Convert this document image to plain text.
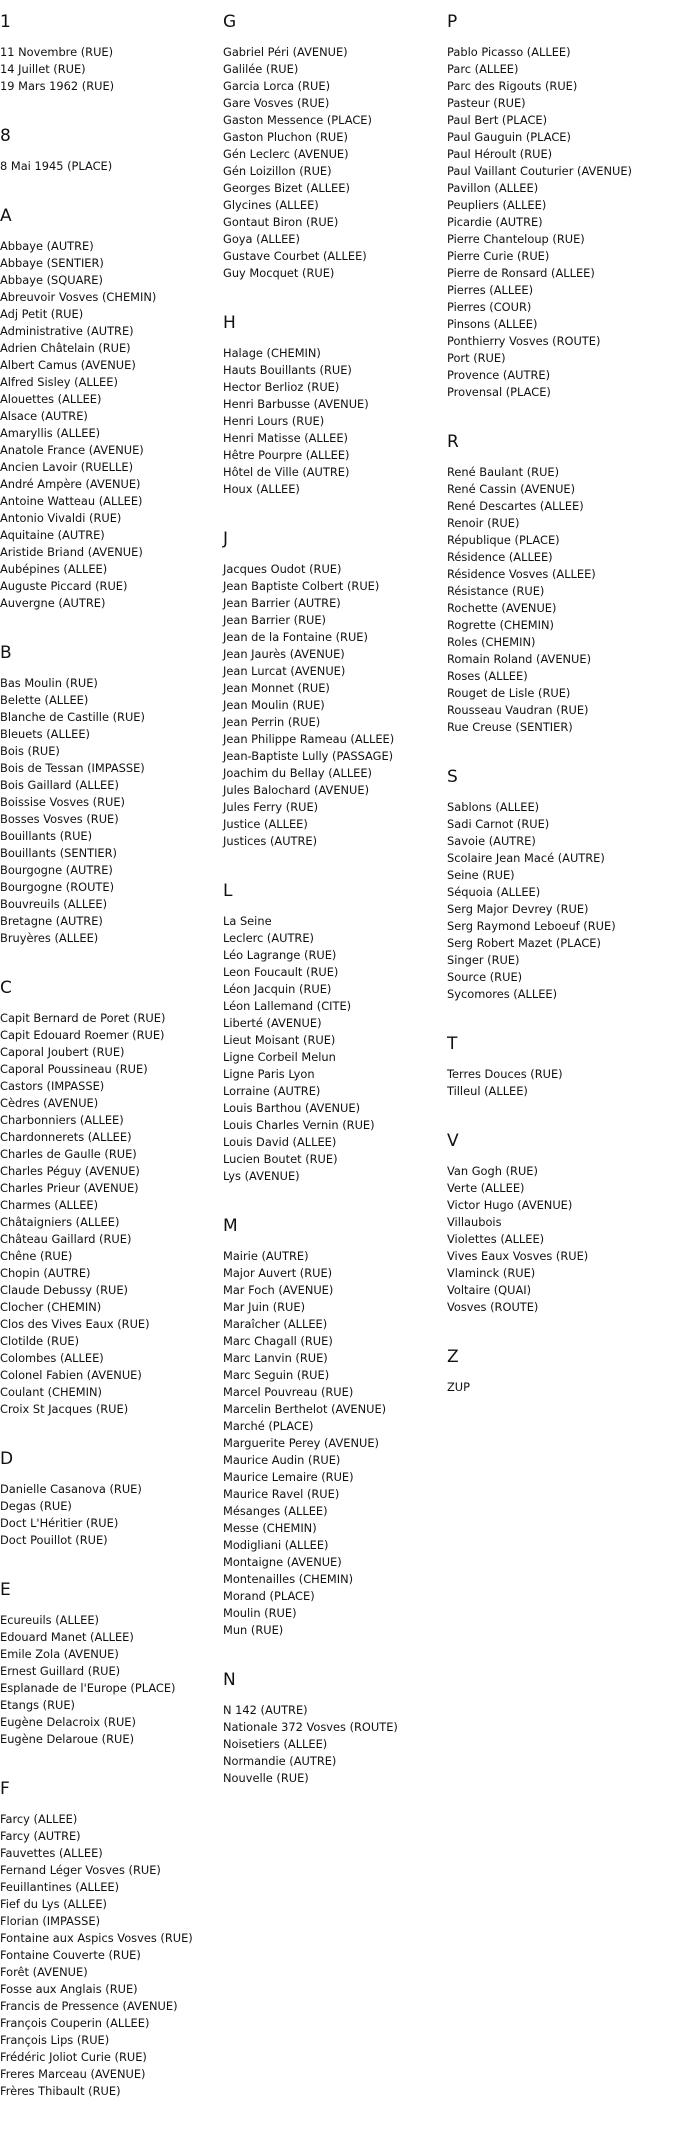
1
11 Novembre (RUE)
14 Juillet (RUE)
19 Mars 1962 (RUE)
8
8 Mai 1945 (PLACE)
A
Abbaye (AUTRE)
Abbaye (SENTIER)
Abbaye (SQUARE)
Abreuvoir Vosves (CHEMIN)
Adj Petit (RUE)
Administrative (AUTRE)
Adrien Châtelain (RUE)
Albert Camus (AVENUE)
Alfred Sisley (ALLEE)
Alouettes (ALLEE)
Alsace (AUTRE)
Amaryllis (ALLEE)
Anatole France (AVENUE)
Ancien Lavoir (RUELLE)
André Ampère (AVENUE)
Antoine Watteau (ALLEE)
Antonio Vivaldi (RUE)
Aquitaine (AUTRE)
Aristide Briand (AVENUE)
Aubépines (ALLEE)
Auguste Piccard (RUE)
Auvergne (AUTRE)
B
Bas Moulin (RUE)
Belette (ALLEE)
Blanche de Castille (RUE)
Bleuets (ALLEE)
Bois (RUE)
Bois de Tessan (IMPASSE)
Bois Gaillard (ALLEE)
Boissise Vosves (RUE)
Bosses Vosves (RUE)
Bouillants (RUE)
Bouillants (SENTIER)
Bourgogne (AUTRE)
Bourgogne (ROUTE)
Bouvreuils (ALLEE)
Bretagne (AUTRE)
Bruyères (ALLEE)
C
Capit Bernard de Poret (RUE)
Capit Edouard Roemer (RUE)
Caporal Joubert (RUE)
Caporal Poussineau (RUE)
Castors (IMPASSE)
Cèdres (AVENUE)
Charbonniers (ALLEE)
Chardonnerets (ALLEE)
Charles de Gaulle (RUE)
Charles Péguy (AVENUE)
Charles Prieur (AVENUE)
Charmes (ALLEE)
Châtaigniers (ALLEE)
Château Gaillard (RUE)
Chêne (RUE)
Chopin (AUTRE)
Claude Debussy (RUE)
Clocher (CHEMIN)
Clos des Vives Eaux (RUE)
Clotilde (RUE)
Colombes (ALLEE)
Colonel Fabien (AVENUE)
Coulant (CHEMIN)
Croix St Jacques (RUE)
D
Danielle Casanova (RUE)
Degas (RUE)
Doct L'Héritier (RUE)
Doct Pouillot (RUE)
E
Ecureuils (ALLEE)
Edouard Manet (ALLEE)
Emile Zola (AVENUE)
Ernest Guillard (RUE)
Esplanade de l'Europe (PLACE)
Etangs (RUE)
Eugène Delacroix (RUE)
Eugène Delaroue (RUE)
F
Farcy (ALLEE)
Farcy (AUTRE)
Fauvettes (ALLEE)
Fernand Léger Vosves (RUE)
Feuillantines (ALLEE)
Fief du Lys (ALLEE)
Florian (IMPASSE)
Fontaine aux Aspics Vosves (RUE)
Fontaine Couverte (RUE)
Forêt (AVENUE)
Fosse aux Anglais (RUE)
Francis de Pressence (AVENUE)
François Couperin (ALLEE)
François Lips (RUE)
Frédéric Joliot Curie (RUE)
Freres Marceau (AVENUE)
Frères Thibault (RUE)
G
Gabriel Péri (AVENUE)
Galilée (RUE)
Garcia Lorca (RUE)
Gare Vosves (RUE)
Gaston Messence (PLACE)
Gaston Pluchon (RUE)
Gén Leclerc (AVENUE)
Gén Loizillon (RUE)
Georges Bizet (ALLEE)
Glycines (ALLEE)
Gontaut Biron (RUE)
Goya (ALLEE)
Gustave Courbet (ALLEE)
Guy Mocquet (RUE)
H
Halage (CHEMIN)
Hauts Bouillants (RUE)
Hector Berlioz (RUE)
Henri Barbusse (AVENUE)
Henri Lours (RUE)
Henri Matisse (ALLEE)
Hêtre Pourpre (ALLEE)
Hôtel de Ville (AUTRE)
Houx (ALLEE)
J
Jacques Oudot (RUE)
Jean Baptiste Colbert (RUE)
Jean Barrier (AUTRE)
Jean Barrier (RUE)
Jean de la Fontaine (RUE)
Jean Jaurès (AVENUE)
Jean Lurcat (AVENUE)
Jean Monnet (RUE)
Jean Moulin (RUE)
Jean Perrin (RUE)
Jean Philippe Rameau (ALLEE)
Jean-Baptiste Lully (PASSAGE)
Joachim du Bellay (ALLEE)
Jules Balochard (AVENUE)
Jules Ferry (RUE)
Justice (ALLEE)
Justices (AUTRE)
L
La Seine
Leclerc (AUTRE)
Léo Lagrange (RUE)
Leon Foucault (RUE)
Léon Jacquin (RUE)
Léon Lallemand (CITE)
Liberté (AVENUE)
Lieut Moisant (RUE)
Ligne Corbeil Melun
Ligne Paris Lyon
Lorraine (AUTRE)
Louis Barthou (AVENUE)
Louis Charles Vernin (RUE)
Louis David (ALLEE)
Lucien Boutet (RUE)
Lys (AVENUE)
M
Mairie (AUTRE)
Major Auvert (RUE)
Mar Foch (AVENUE)
Mar Juin (RUE)
Maraîcher (ALLEE)
Marc Chagall (RUE)
Marc Lanvin (RUE)
Marc Seguin (RUE)
Marcel Pouvreau (RUE)
Marcelin Berthelot (AVENUE)
Marché (PLACE)
Marguerite Perey (AVENUE)
Maurice Audin (RUE)
Maurice Lemaire (RUE)
Maurice Ravel (RUE)
Mésanges (ALLEE)
Messe (CHEMIN)
Modigliani (ALLEE)
Montaigne (AVENUE)
Montenailles (CHEMIN)
Morand (PLACE)
Moulin (RUE)
Mun (RUE)
N
N 142 (AUTRE)
Nationale 372 Vosves (ROUTE)
Noisetiers (ALLEE)
Normandie (AUTRE)
Nouvelle (RUE)
P
Pablo Picasso (ALLEE)
Parc (ALLEE)
Parc des Rigouts (RUE)
Pasteur (RUE)
Paul Bert (PLACE)
Paul Gauguin (PLACE)
Paul Héroult (RUE)
Paul Vaillant Couturier (AVENUE)
Pavillon (ALLEE)
Peupliers (ALLEE)
Picardie (AUTRE)
Pierre Chanteloup (RUE)
Pierre Curie (RUE)
Pierre de Ronsard (ALLEE)
Pierres (ALLEE)
Pierres (COUR)
Pinsons (ALLEE)
Ponthierry Vosves (ROUTE)
Port (RUE)
Provence (AUTRE)
Provensal (PLACE)
R
René Baulant (RUE)
René Cassin (AVENUE)
René Descartes (ALLEE)
Renoir (RUE)
République (PLACE)
Résidence (ALLEE)
Résidence Vosves (ALLEE)
Résistance (RUE)
Rochette (AVENUE)
Rogrette (CHEMIN)
Roles (CHEMIN)
Romain Roland (AVENUE)
Roses (ALLEE)
Rouget de Lisle (RUE)
Rousseau Vaudran (RUE)
Rue Creuse (SENTIER)
S
Sablons (ALLEE)
Sadi Carnot (RUE)
Savoie (AUTRE)
Scolaire Jean Macé (AUTRE)
Seine (RUE)
Séquoia (ALLEE)
Serg Major Devrey (RUE)
Serg Raymond Leboeuf (RUE)
Serg Robert Mazet (PLACE)
Singer (RUE)
Source (RUE)
Sycomores (ALLEE)
T
Terres Douces (RUE)
Tilleul (ALLEE)
V
Van Gogh (RUE)
Verte (ALLEE)
Victor Hugo (AVENUE)
Villaubois
Violettes (ALLEE)
Vives Eaux Vosves (RUE)
Vlaminck (RUE)
Voltaire (QUAI)
Vosves (ROUTE)
Z
ZUP
